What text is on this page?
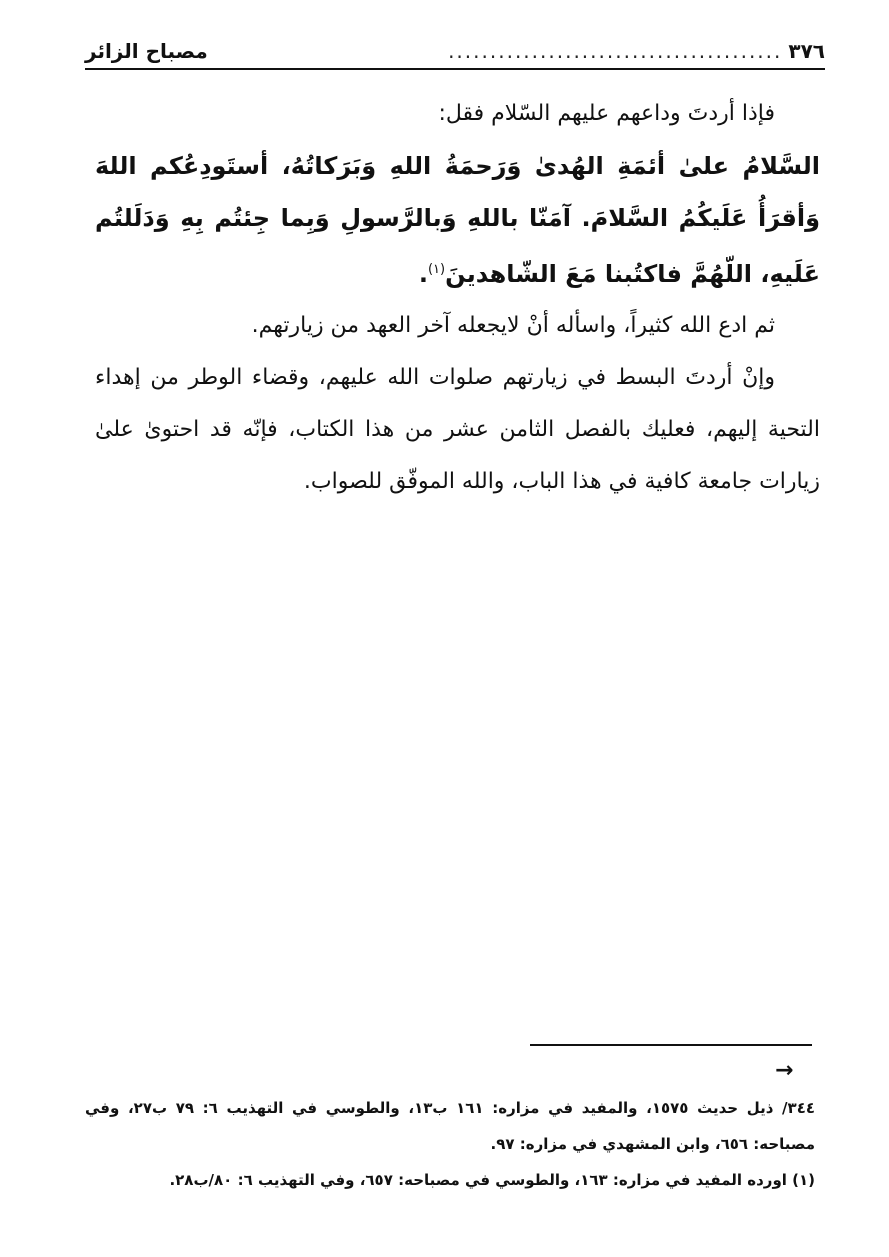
٣٧٦
........................................
مصباح الزائر

فإذا أردتَ وداعهم عليهم السّلام فقل:

السَّلامُ علىٰ أئمَةِ الهُدىٰ وَرَحمَةُ اللهِ وَبَرَكاتُهُ، أستَودِعُكم اللهَ وَأقرَأُ عَلَيكُمُ السَّلامَ. آمَنّا باللهِ وَبالرَّسولِ وَبِما جِئتُم بِهِ وَدَلَلتُم عَلَيهِ، اللّهُمَّ فاكتُبنا مَعَ الشّاهدينَ$^{(١)}$.

ثم ادع الله كثيراً، واسأله أنْ لايجعله آخر العهد من زيارتهم.

وإنْ أردتَ البسط في زيارتهم صلوات الله عليهم، وقضاء الوطر من إهداء التحية إليهم، فعليك بالفصل الثامن عشر من هذا الكتاب، فإنّه قد احتوىٰ علىٰ زيارات جامعة كافية في هذا الباب، والله الموفّق للصواب.

→

٣٤٤/ ذيل حديث ١٥٧٥، والمفيد في مزاره: ١٦١ ب١٣، والطوسي في التهذيب ٦: ٧٩ ب٢٧، وفي مصباحه: ٦٥٦، وابن المشهدي في مزاره: ٩٧.

(١) اورده المفيد في مزاره: ١٦٣، والطوسي في مصباحه: ٦٥٧، وفي التهذيب ٦: ٨٠/ب٢٨.
